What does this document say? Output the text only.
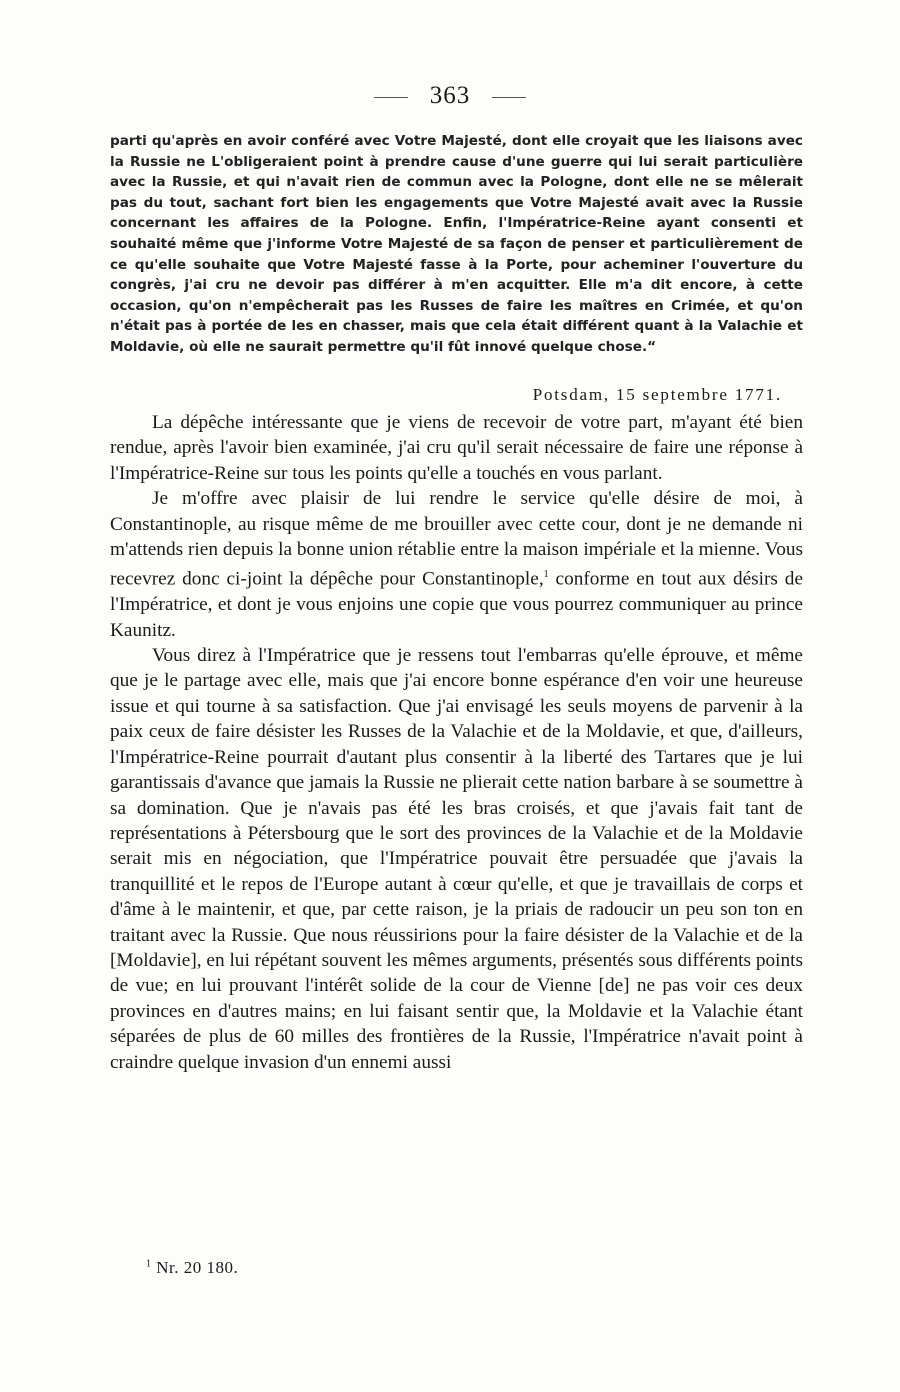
363

parti qu'après en avoir conféré avec Votre Majesté, dont elle croyait que les liaisons avec la Russie ne L'obligeraient point à prendre cause d'une guerre qui lui serait particulière avec la Russie, et qui n'avait rien de commun avec la Pologne, dont elle ne se mêlerait pas du tout, sachant fort bien les engagements que Votre Majesté avait avec la Russie concernant les affaires de la Pologne. Enfin, l'Impératrice-Reine ayant consenti et souhaité même que j'informe Votre Majesté de sa façon de penser et particulièrement de ce qu'elle souhaite que Votre Majesté fasse à la Porte, pour acheminer l'ouverture du congrès, j'ai cru ne devoir pas différer à m'en acquitter. Elle m'a dit encore, à cette occasion, qu'on n'empêcherait pas les Russes de faire les maîtres en Crimée, et qu'on n'était pas à portée de les en chasser, mais que cela était différent quant à la Valachie et Moldavie, où elle ne saurait permettre qu'il fût innové quelque chose.“

Potsdam, 15 septembre 1771.

La dépêche intéressante que je viens de recevoir de votre part, m'ayant été bien rendue, après l'avoir bien examinée, j'ai cru qu'il serait nécessaire de faire une réponse à l'Impératrice-Reine sur tous les points qu'elle a touchés en vous parlant.

Je m'offre avec plaisir de lui rendre le service qu'elle désire de moi, à Constantinople, au risque même de me brouiller avec cette cour, dont je ne demande ni m'attends rien depuis la bonne union rétablie entre la maison impériale et la mienne. Vous recevrez donc ci-joint la dépêche pour Constantinople,$^1$ conforme en tout aux désirs de l'Impératrice, et dont je vous enjoins une copie que vous pourrez communiquer au prince Kaunitz.

Vous direz à l'Impératrice que je ressens tout l'embarras qu'elle éprouve, et même que je le partage avec elle, mais que j'ai encore bonne espérance d'en voir une heureuse issue et qui tourne à sa satisfaction. Que j'ai envisagé les seuls moyens de parvenir à la paix ceux de faire désister les Russes de la Valachie et de la Moldavie, et que, d'ailleurs, l'Impératrice-Reine pourrait d'autant plus consentir à la liberté des Tartares que je lui garantissais d'avance que jamais la Russie ne plierait cette nation barbare à se soumettre à sa domination. Que je n'avais pas été les bras croisés, et que j'avais fait tant de représentations à Pétersbourg que le sort des provinces de la Valachie et de la Moldavie serait mis en négociation, que l'Impératrice pouvait être persuadée que j'avais la tranquillité et le repos de l'Europe autant à cœur qu'elle, et que je travaillais de corps et d'âme à le maintenir, et que, par cette raison, je la priais de radoucir un peu son ton en traitant avec la Russie. Que nous réussirions pour la faire désister de la Valachie et de la [Moldavie], en lui répétant souvent les mêmes arguments, présentés sous différents points de vue; en lui prouvant l'intérêt solide de la cour de Vienne [de] ne pas voir ces deux provinces en d'autres mains; en lui faisant sentir que, la Moldavie et la Valachie étant séparées de plus de 60 milles des frontières de la Russie, l'Impératrice n'avait point à craindre quelque invasion d'un ennemi aussi

$^1$ Nr. 20 180.
